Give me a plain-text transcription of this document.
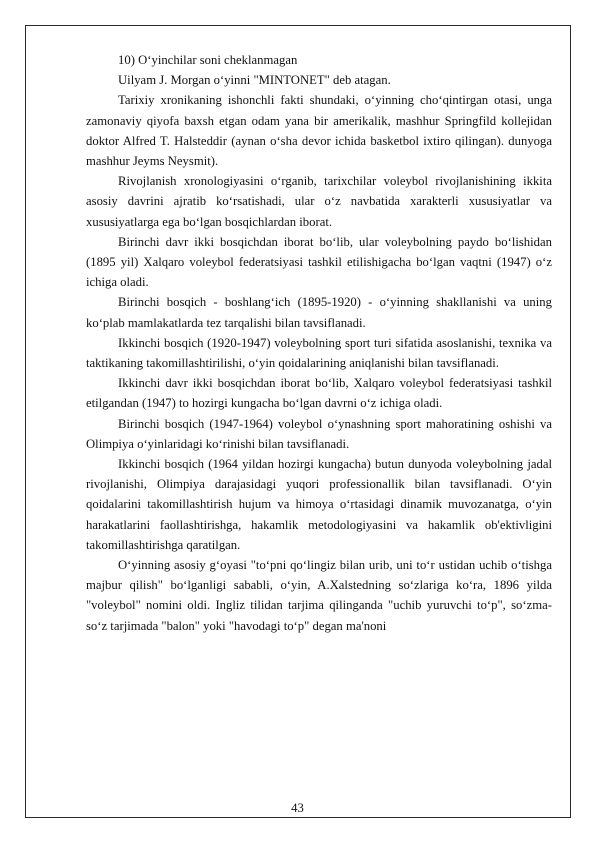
10) O‘yinchilar soni cheklanmagan

Uilyam J. Morgan o‘yinni "MINTONET" deb atagan.

Tarixiy xronikaning ishonchli fakti shundaki, o‘yinning cho‘qintirgan otasi, unga zamonaviy qiyofa baxsh etgan odam yana bir amerikalik, mashhur Springfild kollejidan doktor Alfred T. Halsteddir (aynan o‘sha devor ichida basketbol ixtiro qilingan). dunyoga mashhur Jeyms Neysmit).

Rivojlanish xronologiyasini o‘rganib, tarixchilar voleybol rivojlanishining ikkita asosiy davrini ajratib ko‘rsatishadi, ular o‘z navbatida xarakterli xususiyatlar va xususiyatlarga ega bo‘lgan bosqichlardan iborat.

Birinchi davr ikki bosqichdan iborat bo‘lib, ular voleybolning paydo bo‘lishidan (1895 yil) Xalqaro voleybol federatsiyasi tashkil etilishigacha bo‘lgan vaqtni (1947) o‘z ichiga oladi.

Birinchi bosqich - boshlang‘ich (1895-1920) - o‘yinning shakllanishi va uning ko‘plab mamlakatlarda tez tarqalishi bilan tavsiflanadi.

Ikkinchi bosqich (1920-1947) voleybolning sport turi sifatida asoslanishi, texnika va taktikaning takomillashtirilishi, o‘yin qoidalarining aniqlanishi bilan tavsiflanadi.

Ikkinchi davr ikki bosqichdan iborat bo‘lib, Xalqaro voleybol federatsiyasi tashkil etilgandan (1947) to hozirgi kungacha bo‘lgan davrni o‘z ichiga oladi.

Birinchi bosqich (1947-1964) voleybol o‘ynashning sport mahoratining oshishi va Olimpiya o‘yinlaridagi ko‘rinishi bilan tavsiflanadi.

Ikkinchi bosqich (1964 yildan hozirgi kungacha) butun dunyoda voleybolning jadal rivojlanishi, Olimpiya darajasidagi yuqori professionallik bilan tavsiflanadi. O‘yin qoidalarini takomillashtirish hujum va himoya o‘rtasidagi dinamik muvozanatga, o‘yin harakatlarini faollashtirishga, hakamlik metodologiyasini va hakamlik ob'ektivligini takomillashtirishga qaratilgan.

O‘yinning asosiy g‘oyasi "to‘pni qo‘lingiz bilan urib, uni to‘r ustidan uchib o‘tishga majbur qilish" bo‘lganligi sababli, o‘yin, A.Xalstedning so‘zlariga ko‘ra, 1896 yilda "voleybol" nomini oldi. Ingliz tilidan tarjima qilinganda "uchib yuruvchi to‘p", so‘zma-so‘z tarjimada "balon" yoki "havodagi to‘p" degan ma'noni

43
